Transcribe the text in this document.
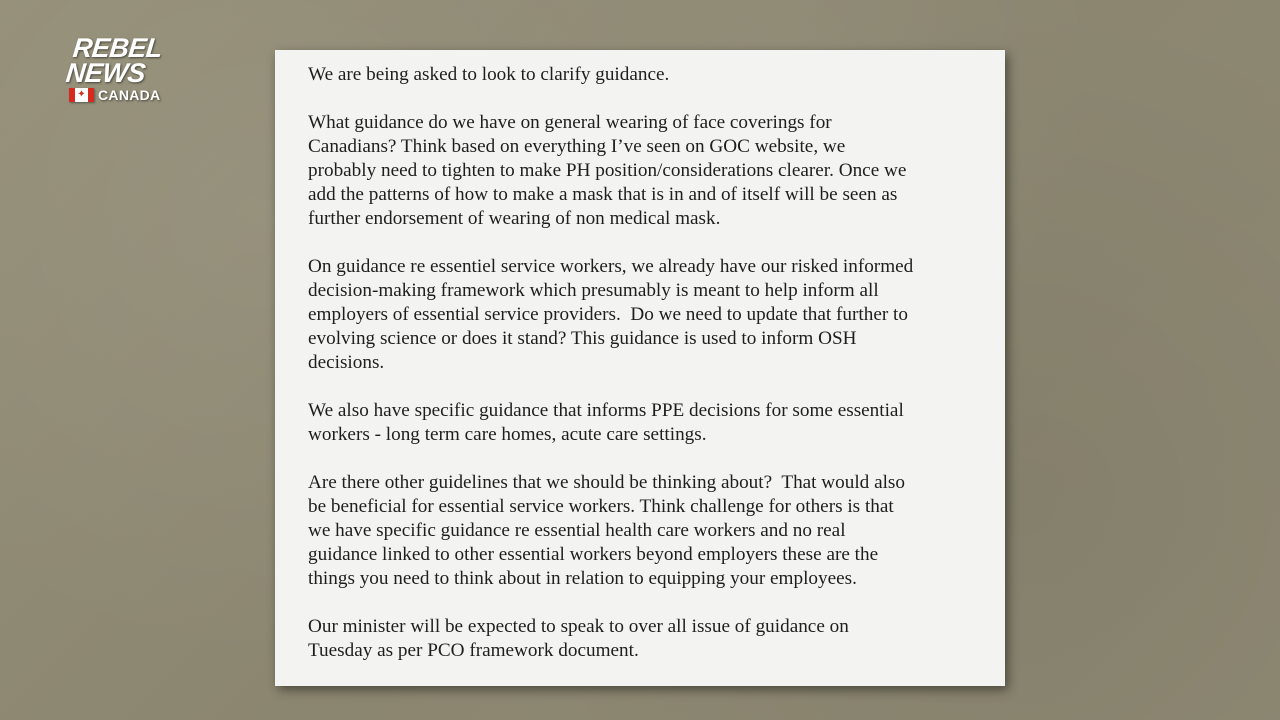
REBEL
NEWS
✦ CANADA

We are being asked to look to clarify guidance.

What guidance do we have on general wearing of face coverings for
Canadians? Think based on everything I’ve seen on GOC website, we
probably need to tighten to make PH position/considerations clearer. Once we
add the patterns of how to make a mask that is in and of itself will be seen as
further endorsement of wearing of non medical mask.

On guidance re essentiel service workers, we already have our risked informed
decision-making framework which presumably is meant to help inform all
employers of essential service providers.  Do we need to update that further to
evolving science or does it stand? This guidance is used to inform OSH
decisions.

We also have specific guidance that informs PPE decisions for some essential
workers - long term care homes, acute care settings.

Are there other guidelines that we should be thinking about?  That would also
be beneficial for essential service workers. Think challenge for others is that
we have specific guidance re essential health care workers and no real
guidance linked to other essential workers beyond employers these are the
things you need to think about in relation to equipping your employees.

Our minister will be expected to speak to over all issue of guidance on
Tuesday as per PCO framework document.
